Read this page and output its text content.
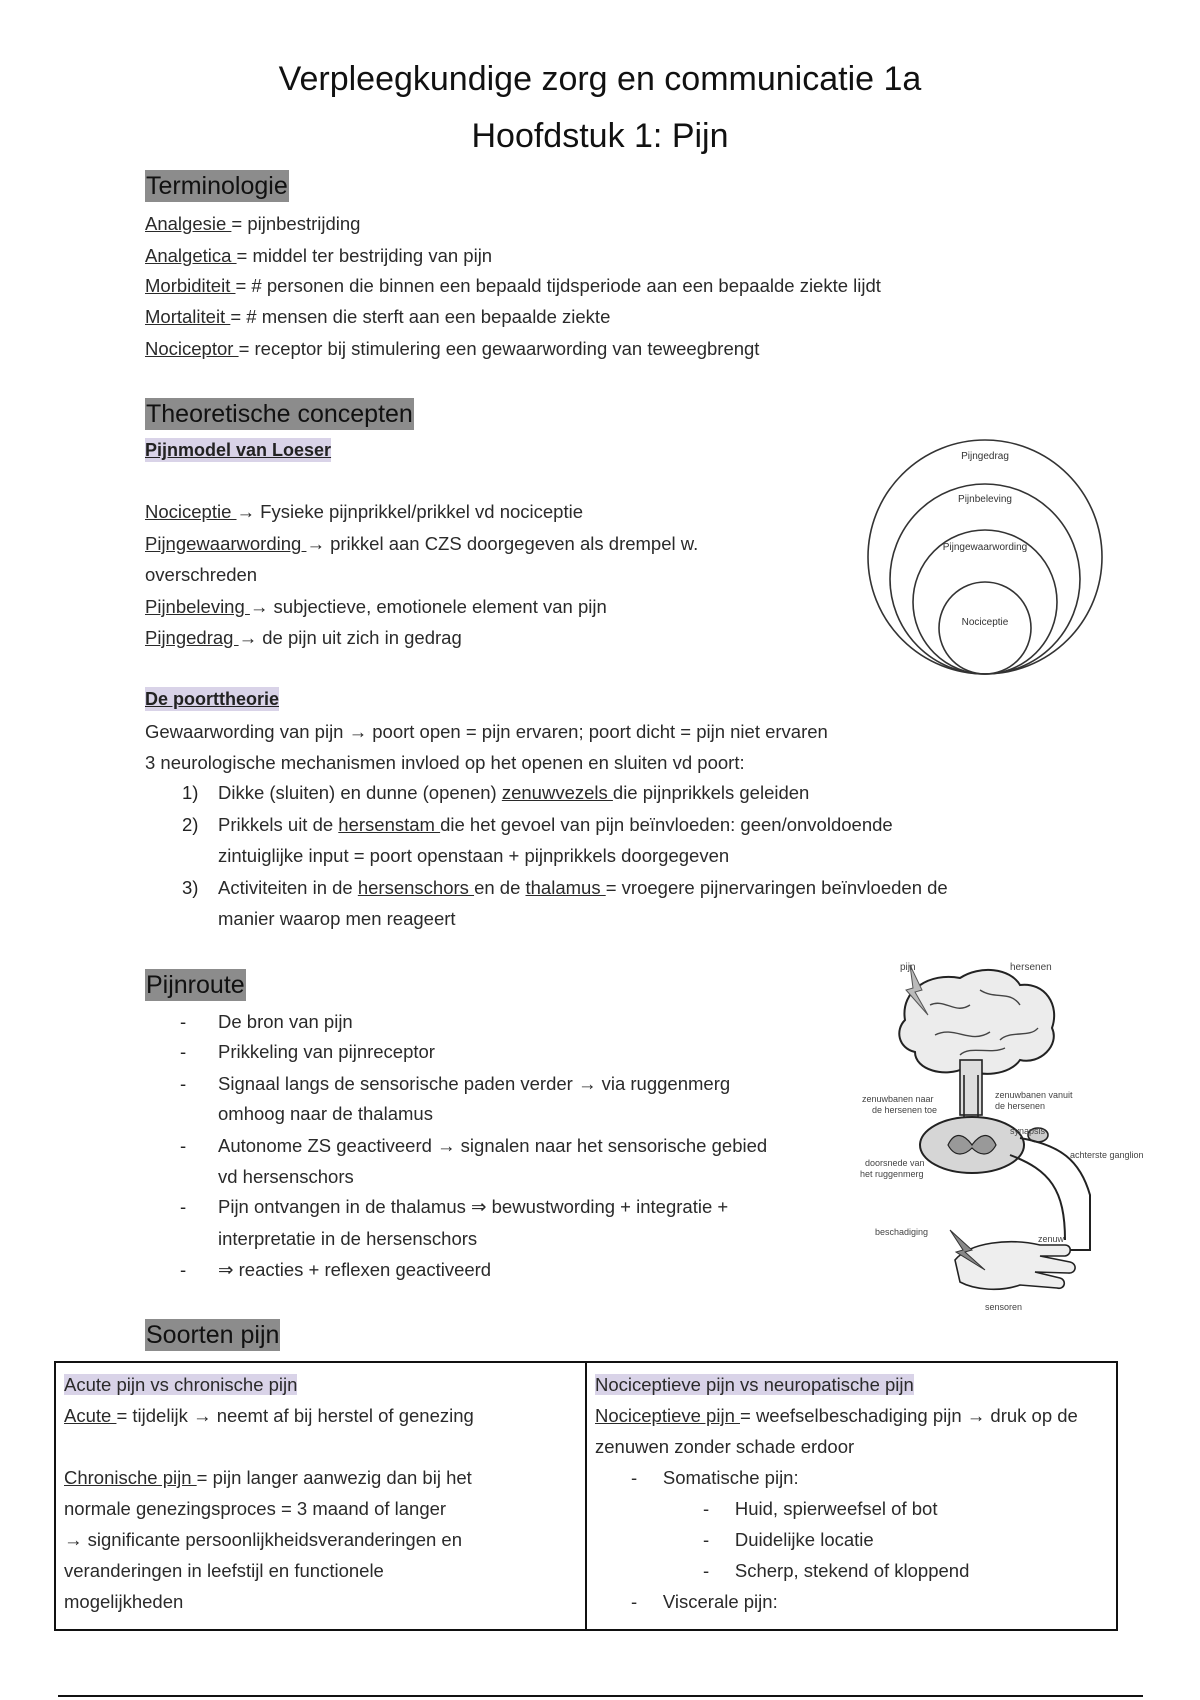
Verpleegkundige zorg en communicatie 1a
Hoofdstuk 1: Pijn
Terminologie
Analgesie = pijnbestrijding
Analgetica = middel ter bestrijding van pijn
Morbiditeit = # personen die binnen een bepaald tijdsperiode aan een bepaalde ziekte lijdt
Mortaliteit = # mensen die sterft aan een bepaalde ziekte
Nociceptor = receptor bij stimulering een gewaarwording van teweegbrengt
Theoretische concepten
Pijnmodel van Loeser
Nociceptie → Fysieke pijnprikkel/prikkel vd nociceptie
Pijngewaarwording → prikkel aan CZS doorgegeven als drempel w.
overschreden
Pijnbeleving → subjectieve, emotionele element van pijn
Pijngedrag → de pijn uit zich in gedrag
Pijngedrag
Pijnbeleving
Pijngewaarwording
Nociceptie
De poorttheorie
Gewaarwording van pijn → poort open = pijn ervaren; poort dicht = pijn niet ervaren
3 neurologische mechanismen invloed op het openen en sluiten vd poort:
1) Dikke (sluiten) en dunne (openen) zenuwvezels die pijnprikkels geleiden
2) Prikkels uit de hersenstam die het gevoel van pijn beïnvloeden: geen/onvoldoende
zintuiglijke input = poort openstaan + pijnprikkels doorgegeven
3) Activiteiten in de hersenschors en de thalamus = vroegere pijnervaringen beïnvloeden de
manier waarop men reageert
Pijnroute
- De bron van pijn
- Prikkeling van pijnreceptor
- Signaal langs de sensorische paden verder → via ruggenmerg
omhoog naar de thalamus
- Autonome ZS geactiveerd → signalen naar het sensorische gebied
vd hersenschors
- Pijn ontvangen in de thalamus ⇒ bewustwording + integratie +
interpretatie in de hersenschors
- ⇒ reacties + reflexen geactiveerd
pijn	hersenen
zenuwbanen naar
de hersenen toe
zenuwbanen vanuit
de hersenen
synapsis
achterste ganglion
doorsnede van
het ruggenmerg
beschadiging
zenuw
sensoren
Soorten pijn
Acute pijn vs chronische pijn
Acute = tijdelijk → neemt af bij herstel of genezing

Chronische pijn = pijn langer aanwezig dan bij het
normale genezingsproces = 3 maand of langer
→ significante persoonlijkheidsveranderingen en
veranderingen in leefstijl en functionele
mogelijkheden

Nociceptieve pijn vs neuropatische pijn
Nociceptieve pijn = weefselbeschadiging pijn → druk op de
zenuwen zonder schade erdoor
-     Somatische pijn:
-     Huid, spierweefsel of bot
-     Duidelijke locatie
-     Scherp, stekend of kloppend
-     Viscerale pijn:
